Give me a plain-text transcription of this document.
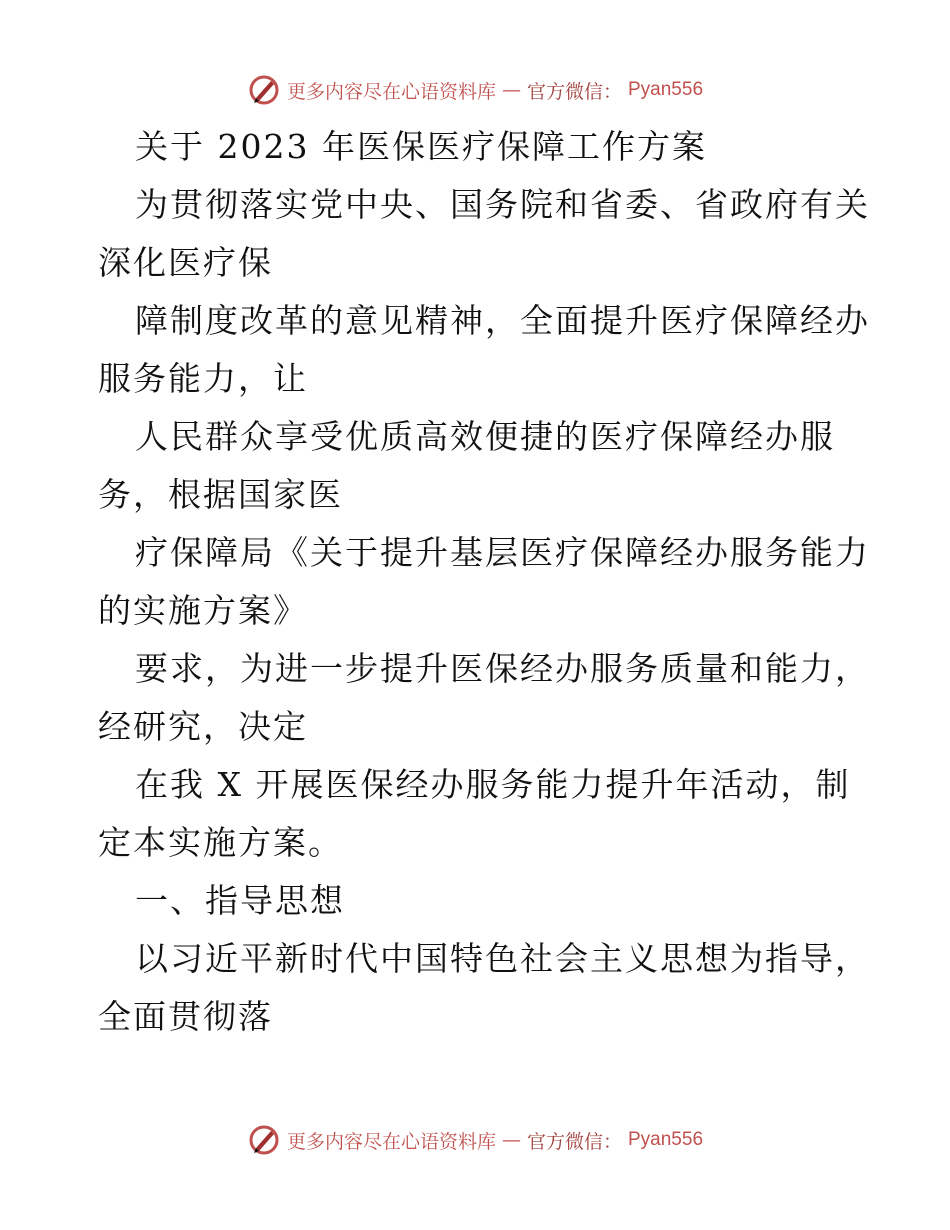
更多内容尽在心语资料库 — 官方微信： Pyan556
关于 2023 年医保医疗保障工作方案
为贯彻落实党中央、国务院和省委、省政府有关
深化医疗保
障制度改革的意见精神，全面提升医疗保障经办
服务能力，让
人民群众享受优质高效便捷的医疗保障经办服
务，根据国家医
疗保障局《关于提升基层医疗保障经办服务能力
的实施方案》
要求，为进一步提升医保经办服务质量和能力，
经研究，决定
在我 X 开展医保经办服务能力提升年活动，制
定本实施方案。
一、指导思想
以习近平新时代中国特色社会主义思想为指导，
全面贯彻落
更多内容尽在心语资料库 — 官方微信： Pyan556
